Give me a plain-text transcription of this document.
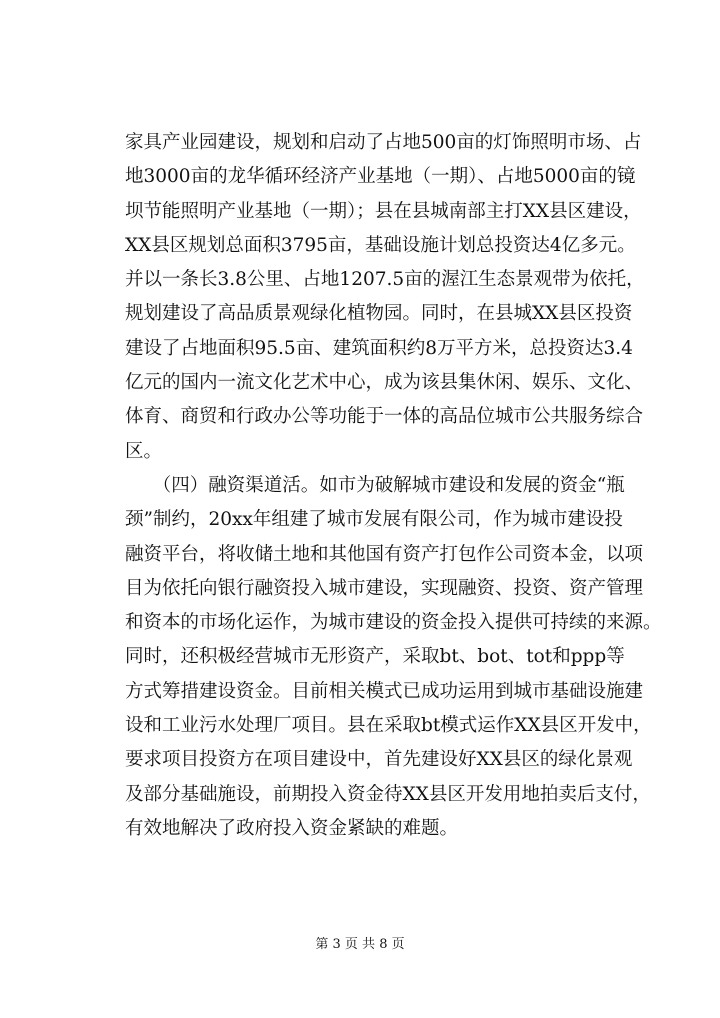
家具产业园建设，规划和启动了占地500亩的灯饰照明市场、占
地3000亩的龙华循环经济产业基地（一期）、占地5000亩的镜
坝节能照明产业基地（一期）；县在县城南部主打XX县区建设，
XX县区规划总面积3795亩，基础设施计划总投资达4亿多元。
并以一条长3.8公里、占地1207.5亩的渥江生态景观带为依托，
规划建设了高品质景观绿化植物园。同时，在县城XX县区投资
建设了占地面积95.5亩、建筑面积约8万平方米，总投资达3.4
亿元的国内一流文化艺术中心，成为该县集休闲、娱乐、文化、
体育、商贸和行政办公等功能于一体的高品位城市公共服务综合
区。
　　（四）融资渠道活。如市为破解城市建设和发展的资金“瓶
颈”制约，20xx年组建了城市发展有限公司，作为城市建设投
融资平台，将收储土地和其他国有资产打包作公司资本金，以项
目为依托向银行融资投入城市建设，实现融资、投资、资产管理
和资本的市场化运作，为城市建设的资金投入提供可持续的来源。
同时，还积极经营城市无形资产，采取bt、bot、tot和ppp等
方式筹措建设资金。目前相关模式已成功运用到城市基础设施建
设和工业污水处理厂项目。县在采取bt模式运作XX县区开发中，
要求项目投资方在项目建设中，首先建设好XX县区的绿化景观
及部分基础施设，前期投入资金待XX县区开发用地拍卖后支付，
有效地解决了政府投入资金紧缺的难题。
第 3 页 共 8 页
